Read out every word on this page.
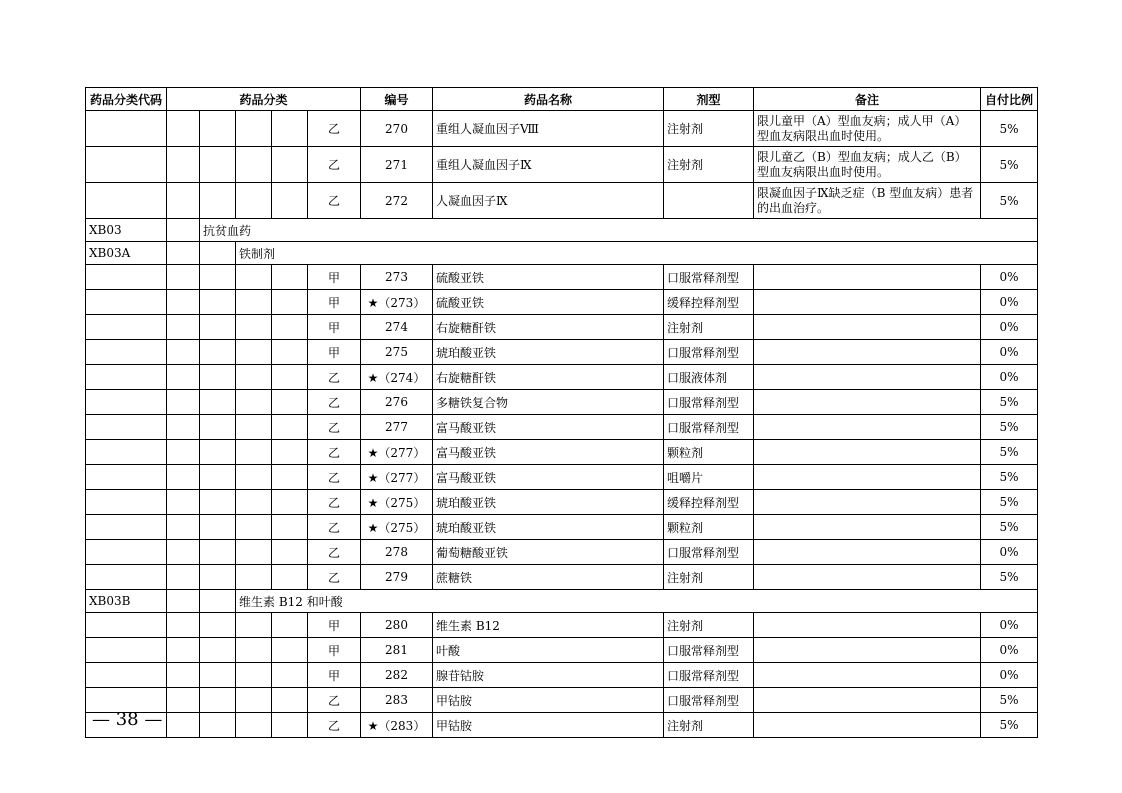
药品分类代码	药品分类					编号	药品名称	剂型	备注	自付比例
					乙	270	重组人凝血因子Ⅷ	注射剂	限儿童甲（A）型血友病；成人甲（A）型血友病限出血时使用。	5%
					乙	271	重组人凝血因子Ⅸ	注射剂	限儿童乙（B）型血友病；成人乙（B）型血友病限出血时使用。	5%
					乙	272	人凝血因子Ⅸ		限凝血因子Ⅸ缺乏症（B 型血友病）患者的出血治疗。	5%
XB03		抗贫血药								
XB03A			铁制剂							
					甲	273	硫酸亚铁	口服常释剂型		0%
					甲	★（273）	硫酸亚铁	缓释控释剂型		0%
					甲	274	右旋糖酐铁	注射剂		0%
					甲	275	琥珀酸亚铁	口服常释剂型		0%
					乙	★（274）	右旋糖酐铁	口服液体剂		0%
					乙	276	多糖铁复合物	口服常释剂型		5%
					乙	277	富马酸亚铁	口服常释剂型		5%
					乙	★（277）	富马酸亚铁	颗粒剂		5%
					乙	★（277）	富马酸亚铁	咀嚼片		5%
					乙	★（275）	琥珀酸亚铁	缓释控释剂型		5%
					乙	★（275）	琥珀酸亚铁	颗粒剂		5%
					乙	278	葡萄糖酸亚铁	口服常释剂型		0%
					乙	279	蔗糖铁	注射剂		5%
XB03B			维生素 B12 和叶酸							
					甲	280	维生素 B12	注射剂		0%
					甲	281	叶酸	口服常释剂型		0%
					甲	282	腺苷钴胺	口服常释剂型		0%
					乙	283	甲钴胺	口服常释剂型		5%
					乙	★（283）	甲钴胺	注射剂		5%
— 38 —
